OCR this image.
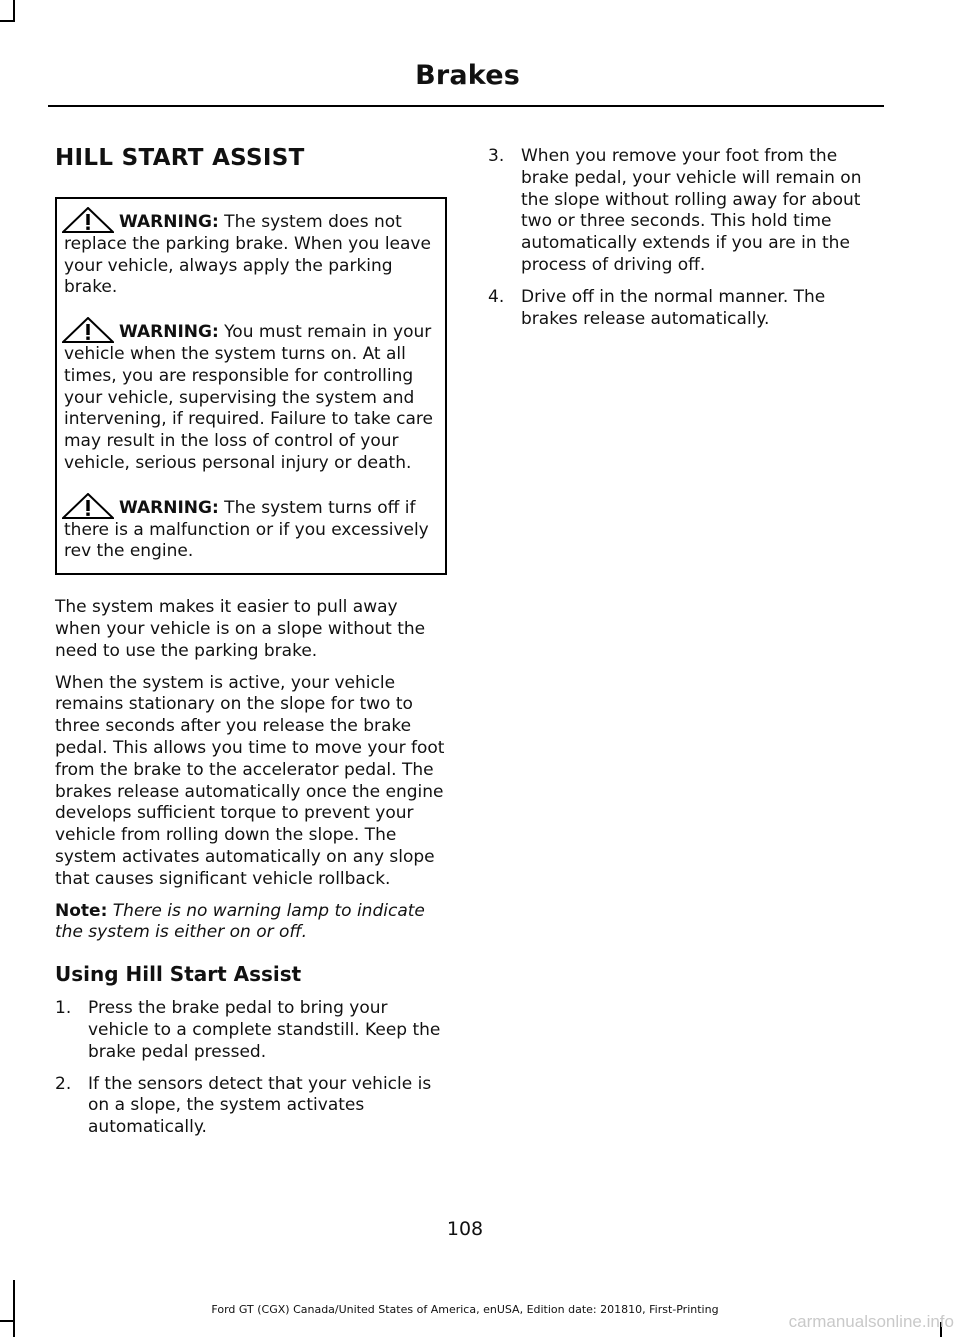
Brakes
HILL START ASSIST
WARNING: The system does not replace the parking brake. When you leave your vehicle, always apply the parking brake.
WARNING: You must remain in your vehicle when the system turns on. At all times, you are responsible for controlling your vehicle, supervising the system and intervening, if required. Failure to take care may result in the loss of control of your vehicle, serious personal injury or death.
WARNING: The system turns off if there is a malfunction or if you excessively rev the engine.

The system makes it easier to pull away when your vehicle is on a slope without the need to use the parking brake.

When the system is active, your vehicle remains stationary on the slope for two to three seconds after you release the brake pedal. This allows you time to move your foot from the brake to the accelerator pedal. The brakes release automatically once the engine develops sufficient torque to prevent your vehicle from rolling down the slope. The system activates automatically on any slope that causes significant vehicle rollback.

Note: There is no warning lamp to indicate the system is either on or off.

Using Hill Start Assist
1. Press the brake pedal to bring your vehicle to a complete standstill. Keep the brake pedal pressed.
2. If the sensors detect that your vehicle is on a slope, the system activates automatically.
3. When you remove your foot from the brake pedal, your vehicle will remain on the slope without rolling away for about two or three seconds. This hold time automatically extends if you are in the process of driving off.
4. Drive off in the normal manner. The brakes release automatically.
108
Ford GT (CGX) Canada/United States of America, enUSA, Edition date: 201810, First-Printing
carmanualsonline.info
